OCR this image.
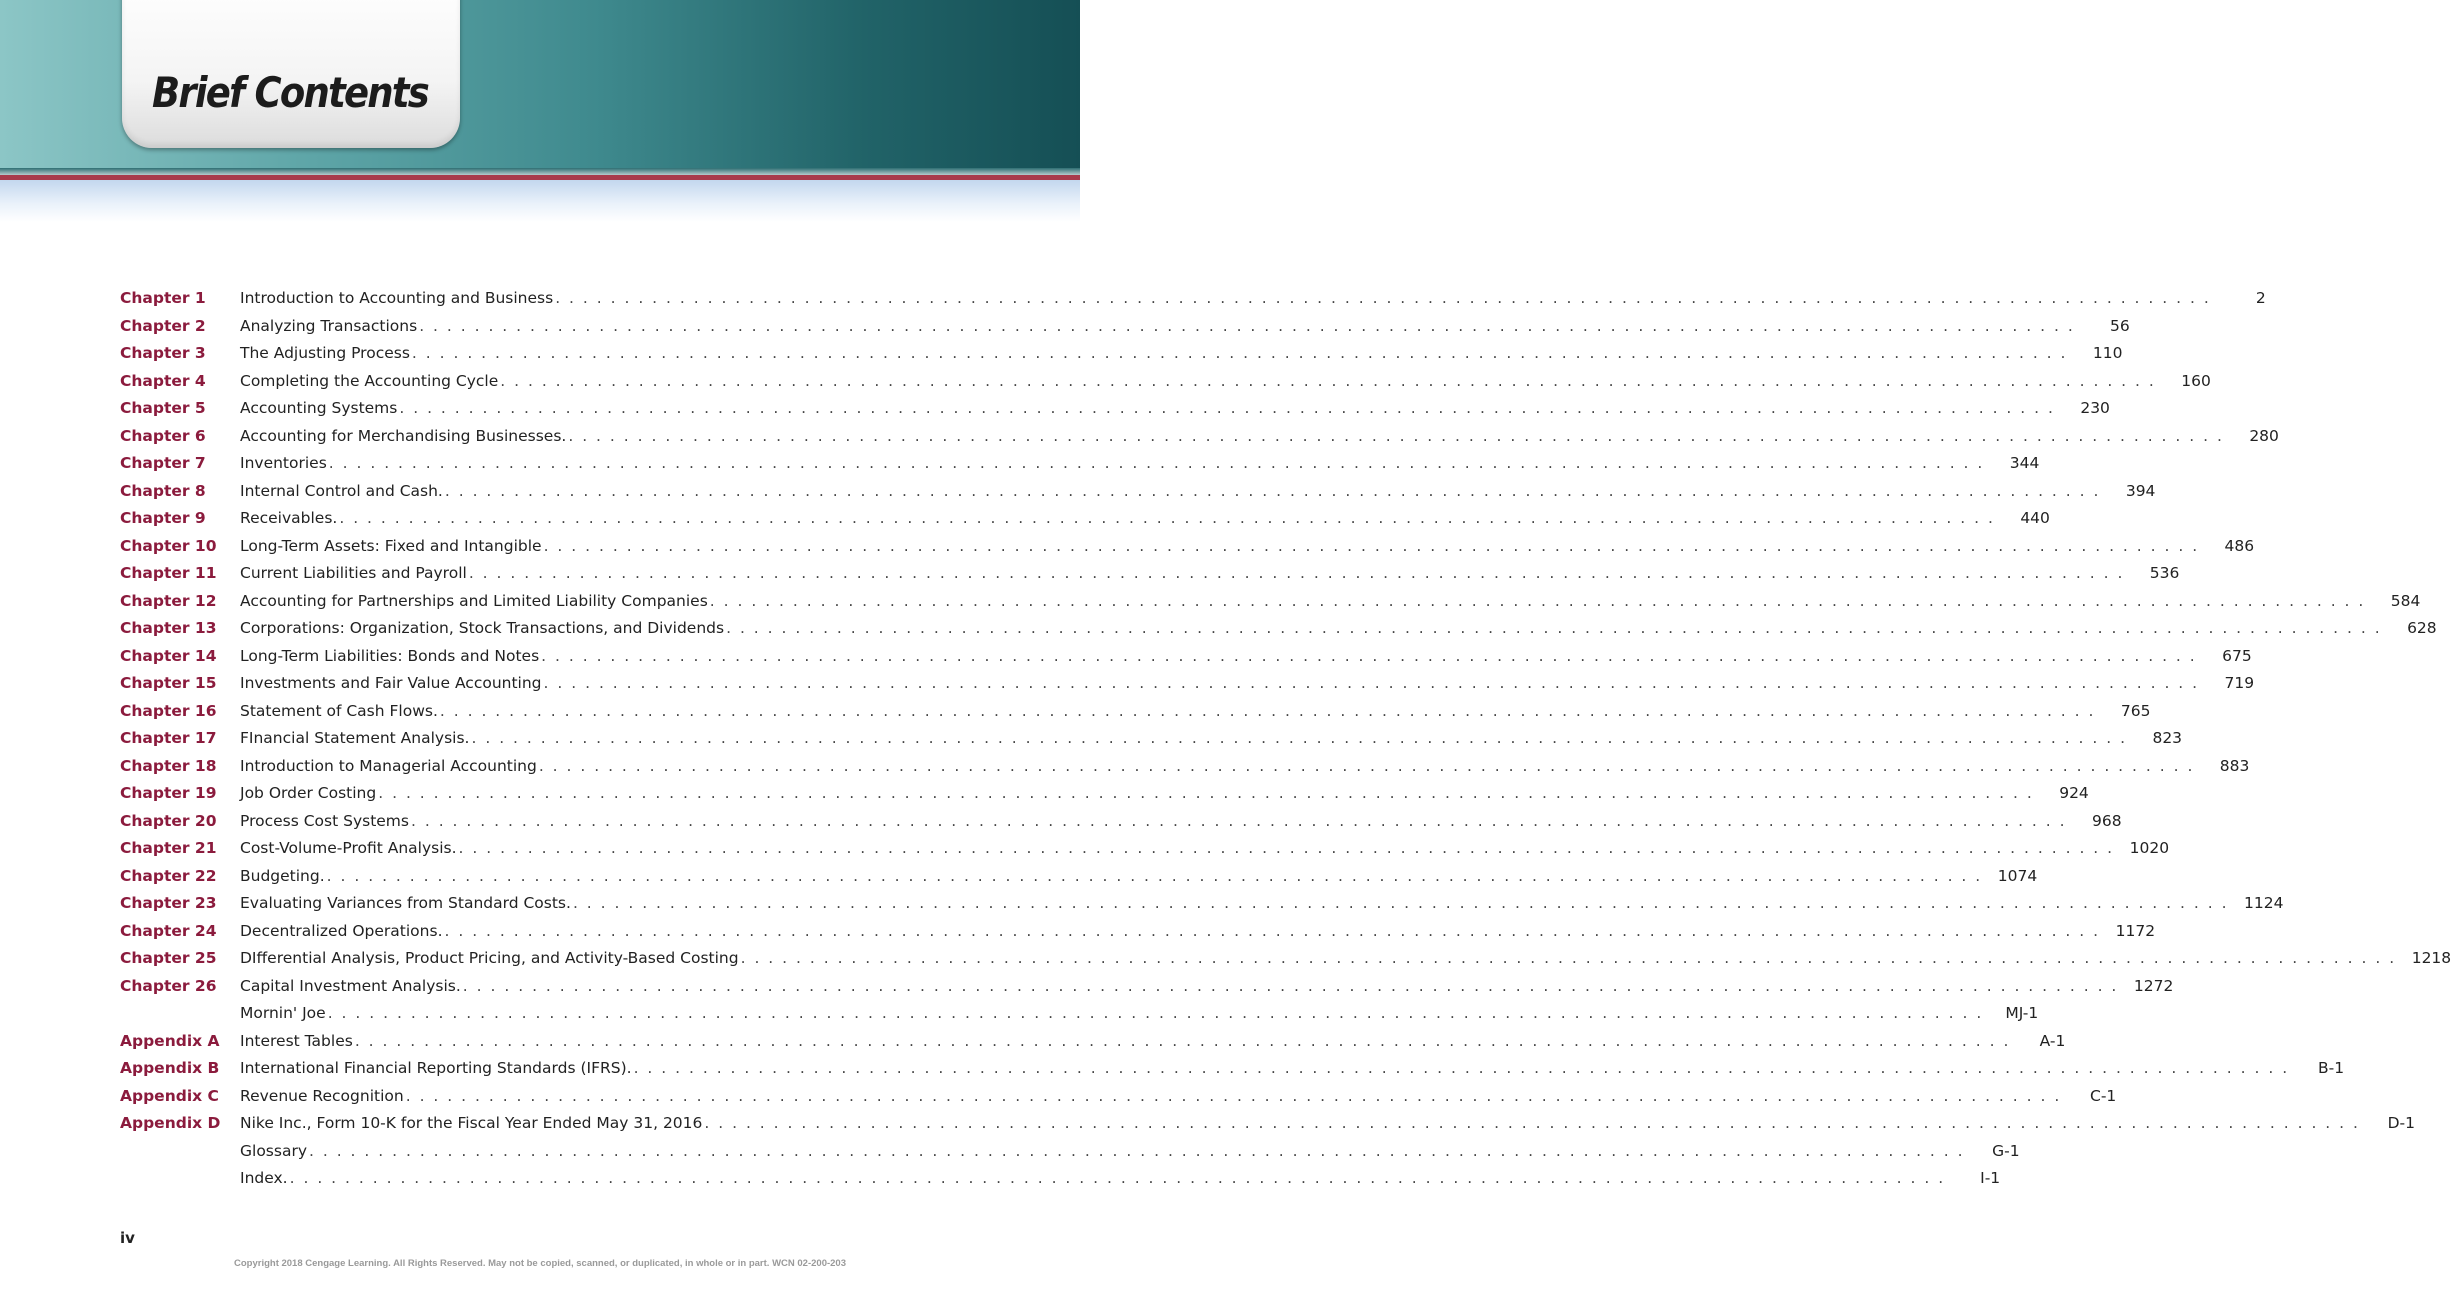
Brief Contents
Chapter 1	Introduction to Accounting and Business . . . . . . . . . . . . . . . . . . . . . . . . . . . . . . . . . . . . . . . . . . . . . . . . . . . . . . . . . . . . . . . . . . . . . . . . . . . . . . . . . . . . . . . . . . . . . . . . . . . . . . . . . . . . . . . . . . . . . . . .	2
Chapter 2	Analyzing Transactions . . . . . . . . . . . . . . . . . . . . . . . . . . . . . . . . . . . . . . . . . . . . . . . . . . . . . . . . . . . . . . . . . . . . . . . . . . . . . . . . . . . . . . . . . . . . . . . . . . . . . . . . . . . . . . . . . . . . . . . .	56
Chapter 3	The Adjusting Process . . . . . . . . . . . . . . . . . . . . . . . . . . . . . . . . . . . . . . . . . . . . . . . . . . . . . . . . . . . . . . . . . . . . . . . . . . . . . . . . . . . . . . . . . . . . . . . . . . . . . . . . . . . . . . . . . . . . . . . .	110
Chapter 4	Completing the Accounting Cycle . . . . . . . . . . . . . . . . . . . . . . . . . . . . . . . . . . . . . . . . . . . . . . . . . . . . . . . . . . . . . . . . . . . . . . . . . . . . . . . . . . . . . . . . . . . . . . . . . . . . . . . . . . . . . . . . . . . . . . . .	160
Chapter 5	Accounting Systems . . . . . . . . . . . . . . . . . . . . . . . . . . . . . . . . . . . . . . . . . . . . . . . . . . . . . . . . . . . . . . . . . . . . . . . . . . . . . . . . . . . . . . . . . . . . . . . . . . . . . . . . . . . . . . . . . . . . . . . .	230
Chapter 6	Accounting for Merchandising Businesses. . . . . . . . . . . . . . . . . . . . . . . . . . . . . . . . . . . . . . . . . . . . . . . . . . . . . . . . . . . . . . . . . . . . . . . . . . . . . . . . . . . . . . . . . . . . . . . . . . . . . . . . . . . . . . . . . . . . . . . . .	280
Chapter 7	Inventories . . . . . . . . . . . . . . . . . . . . . . . . . . . . . . . . . . . . . . . . . . . . . . . . . . . . . . . . . . . . . . . . . . . . . . . . . . . . . . . . . . . . . . . . . . . . . . . . . . . . . . . . . . . . . . . . . . . . . . . .	344
Chapter 8	Internal Control and Cash. . . . . . . . . . . . . . . . . . . . . . . . . . . . . . . . . . . . . . . . . . . . . . . . . . . . . . . . . . . . . . . . . . . . . . . . . . . . . . . . . . . . . . . . . . . . . . . . . . . . . . . . . . . . . . . . . . . . . . . . .	394
Chapter 9	Receivables. . . . . . . . . . . . . . . . . . . . . . . . . . . . . . . . . . . . . . . . . . . . . . . . . . . . . . . . . . . . . . . . . . . . . . . . . . . . . . . . . . . . . . . . . . . . . . . . . . . . . . . . . . . . . . . . . . . . . . . . .	440
Chapter 10	Long-Term Assets: Fixed and Intangible . . . . . . . . . . . . . . . . . . . . . . . . . . . . . . . . . . . . . . . . . . . . . . . . . . . . . . . . . . . . . . . . . . . . . . . . . . . . . . . . . . . . . . . . . . . . . . . . . . . . . . . . . . . . . . . . . . . . . . . .	486
Chapter 11	Current Liabilities and Payroll . . . . . . . . . . . . . . . . . . . . . . . . . . . . . . . . . . . . . . . . . . . . . . . . . . . . . . . . . . . . . . . . . . . . . . . . . . . . . . . . . . . . . . . . . . . . . . . . . . . . . . . . . . . . . . . . . . . . . . . .	536
Chapter 12	Accounting for Partnerships and Limited Liability Companies . . . . . . . . . . . . . . . . . . . . . . . . . . . . . . . . . . . . . . . . . . . . . . . . . . . . . . . . . . . . . . . . . . . . . . . . . . . . . . . . . . . . . . . . . . . . . . . . . . . . . . . . . . . . . . . . . . . . . . . .	584
Chapter 13	Corporations: Organization, Stock Transactions, and Dividends . . . . . . . . . . . . . . . . . . . . . . . . . . . . . . . . . . . . . . . . . . . . . . . . . . . . . . . . . . . . . . . . . . . . . . . . . . . . . . . . . . . . . . . . . . . . . . . . . . . . . . . . . . . . . . . . . . . . . . . .	628
Chapter 14	Long-Term Liabilities: Bonds and Notes . . . . . . . . . . . . . . . . . . . . . . . . . . . . . . . . . . . . . . . . . . . . . . . . . . . . . . . . . . . . . . . . . . . . . . . . . . . . . . . . . . . . . . . . . . . . . . . . . . . . . . . . . . . . . . . . . . . . . . . .	675
Chapter 15	Investments and Fair Value Accounting . . . . . . . . . . . . . . . . . . . . . . . . . . . . . . . . . . . . . . . . . . . . . . . . . . . . . . . . . . . . . . . . . . . . . . . . . . . . . . . . . . . . . . . . . . . . . . . . . . . . . . . . . . . . . . . . . . . . . . . .	719
Chapter 16	Statement of Cash Flows. . . . . . . . . . . . . . . . . . . . . . . . . . . . . . . . . . . . . . . . . . . . . . . . . . . . . . . . . . . . . . . . . . . . . . . . . . . . . . . . . . . . . . . . . . . . . . . . . . . . . . . . . . . . . . . . . . . . . . . . .	765
Chapter 17	FInancial Statement Analysis. . . . . . . . . . . . . . . . . . . . . . . . . . . . . . . . . . . . . . . . . . . . . . . . . . . . . . . . . . . . . . . . . . . . . . . . . . . . . . . . . . . . . . . . . . . . . . . . . . . . . . . . . . . . . . . . . . . . . . . . .	823
Chapter 18	Introduction to Managerial Accounting . . . . . . . . . . . . . . . . . . . . . . . . . . . . . . . . . . . . . . . . . . . . . . . . . . . . . . . . . . . . . . . . . . . . . . . . . . . . . . . . . . . . . . . . . . . . . . . . . . . . . . . . . . . . . . . . . . . . . . . .	883
Chapter 19	Job Order Costing . . . . . . . . . . . . . . . . . . . . . . . . . . . . . . . . . . . . . . . . . . . . . . . . . . . . . . . . . . . . . . . . . . . . . . . . . . . . . . . . . . . . . . . . . . . . . . . . . . . . . . . . . . . . . . . . . . . . . . . .	924
Chapter 20	Process Cost Systems . . . . . . . . . . . . . . . . . . . . . . . . . . . . . . . . . . . . . . . . . . . . . . . . . . . . . . . . . . . . . . . . . . . . . . . . . . . . . . . . . . . . . . . . . . . . . . . . . . . . . . . . . . . . . . . . . . . . . . . .	968
Chapter 21	Cost-Volume-Profit Analysis. . . . . . . . . . . . . . . . . . . . . . . . . . . . . . . . . . . . . . . . . . . . . . . . . . . . . . . . . . . . . . . . . . . . . . . . . . . . . . . . . . . . . . . . . . . . . . . . . . . . . . . . . . . . . . . . . . . . . . . . .	1020
Chapter 22	Budgeting. . . . . . . . . . . . . . . . . . . . . . . . . . . . . . . . . . . . . . . . . . . . . . . . . . . . . . . . . . . . . . . . . . . . . . . . . . . . . . . . . . . . . . . . . . . . . . . . . . . . . . . . . . . . . . . . . . . . . . . . .	1074
Chapter 23	Evaluating Variances from Standard Costs. . . . . . . . . . . . . . . . . . . . . . . . . . . . . . . . . . . . . . . . . . . . . . . . . . . . . . . . . . . . . . . . . . . . . . . . . . . . . . . . . . . . . . . . . . . . . . . . . . . . . . . . . . . . . . . . . . . . . . . . .	1124
Chapter 24	Decentralized Operations. . . . . . . . . . . . . . . . . . . . . . . . . . . . . . . . . . . . . . . . . . . . . . . . . . . . . . . . . . . . . . . . . . . . . . . . . . . . . . . . . . . . . . . . . . . . . . . . . . . . . . . . . . . . . . . . . . . . . . . . .	1172
Chapter 25	DIfferential Analysis, Product Pricing, and Activity-Based Costing . . . . . . . . . . . . . . . . . . . . . . . . . . . . . . . . . . . . . . . . . . . . . . . . . . . . . . . . . . . . . . . . . . . . . . . . . . . . . . . . . . . . . . . . . . . . . . . . . . . . . . . . . . . . . . . . . . . . . . . .	1218
Chapter 26	Capital Investment Analysis. . . . . . . . . . . . . . . . . . . . . . . . . . . . . . . . . . . . . . . . . . . . . . . . . . . . . . . . . . . . . . . . . . . . . . . . . . . . . . . . . . . . . . . . . . . . . . . . . . . . . . . . . . . . . . . . . . . . . . . . .	1272
Mornin' Joe . . . . . . . . . . . . . . . . . . . . . . . . . . . . . . . . . . . . . . . . . . . . . . . . . . . . . . . . . . . . . . . . . . . . . . . . . . . . . . . . . . . . . . . . . . . . . . . . . . . . . . . . . . . . . . . . . . . . . . . .	MJ-1
Appendix A	Interest Tables . . . . . . . . . . . . . . . . . . . . . . . . . . . . . . . . . . . . . . . . . . . . . . . . . . . . . . . . . . . . . . . . . . . . . . . . . . . . . . . . . . . . . . . . . . . . . . . . . . . . . . . . . . . . . . . . . . . . . . . .	A-1
Appendix B	International Financial Reporting Standards (IFRS). . . . . . . . . . . . . . . . . . . . . . . . . . . . . . . . . . . . . . . . . . . . . . . . . . . . . . . . . . . . . . . . . . . . . . . . . . . . . . . . . . . . . . . . . . . . . . . . . . . . . . . . . . . . . . . . . . . . . . . . .	B-1
Appendix C	Revenue Recognition . . . . . . . . . . . . . . . . . . . . . . . . . . . . . . . . . . . . . . . . . . . . . . . . . . . . . . . . . . . . . . . . . . . . . . . . . . . . . . . . . . . . . . . . . . . . . . . . . . . . . . . . . . . . . . . . . . . . . . . .	C-1
Appendix D	Nike Inc., Form 10-K for the Fiscal Year Ended May 31, 2016 . . . . . . . . . . . . . . . . . . . . . . . . . . . . . . . . . . . . . . . . . . . . . . . . . . . . . . . . . . . . . . . . . . . . . . . . . . . . . . . . . . . . . . . . . . . . . . . . . . . . . . . . . . . . . . . . . . . . . . . .	D-1
Glossary . . . . . . . . . . . . . . . . . . . . . . . . . . . . . . . . . . . . . . . . . . . . . . . . . . . . . . . . . . . . . . . . . . . . . . . . . . . . . . . . . . . . . . . . . . . . . . . . . . . . . . . . . . . . . . . . . . . . . . . .	G-1
Index. . . . . . . . . . . . . . . . . . . . . . . . . . . . . . . . . . . . . . . . . . . . . . . . . . . . . . . . . . . . . . . . . . . . . . . . . . . . . . . . . . . . . . . . . . . . . . . . . . . . . . . . . . . . . . . . . . . . . . . . .	I-1
iv
Copyright 2018 Cengage Learning. All Rights Reserved. May not be copied, scanned, or duplicated, in whole or in part. WCN 02-200-203
